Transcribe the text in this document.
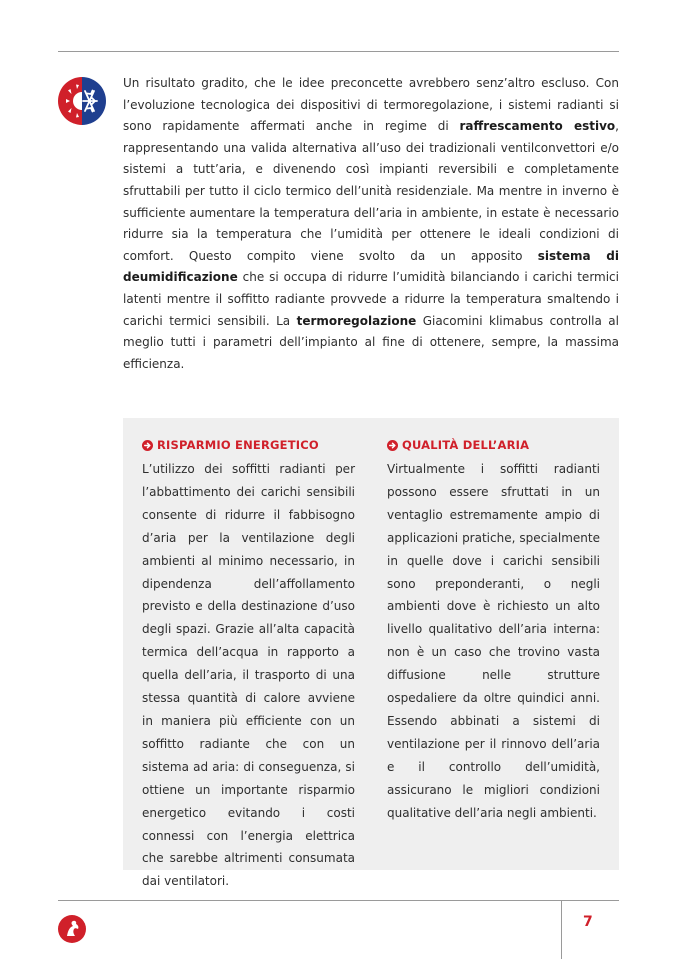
Un risultato gradito, che le idee preconcette avrebbero senz’altro escluso. Con l’evoluzione tecnologica dei dispositivi di termoregolazione, i sistemi radianti si sono rapidamente affermati anche in regime di raffrescamento estivo, rappresentando una valida alternativa all’uso dei tradizionali ventilconvettori e/o sistemi a tutt’aria, e divenendo così impianti reversibili e completamente sfruttabili per tutto il ciclo termico dell’unità residenziale. Ma mentre in inverno è sufficiente aumentare la temperatura dell’aria in ambiente, in estate è necessario ridurre sia la temperatura che l’umidità per ottenere le ideali condizioni di comfort. Questo compito viene svolto da un apposito sistema di deumidificazione che si occupa di ridurre l’umidità bilanciando i carichi termici latenti mentre il soffitto radiante provvede a ridurre la temperatura smaltendo i carichi termici sensibili. La termoregolazione Giacomini klimabus controlla al meglio tutti i parametri dell’impianto al fine di ottenere, sempre, la massima efficienza.

RISPARMIO ENERGETICO

L’utilizzo dei soffitti radianti per l’abbattimento dei carichi sensibili consente di ridurre il fabbisogno d’aria per la ventilazione degli ambienti al minimo necessario, in dipendenza dell’affollamento previsto e della destinazione d’uso degli spazi. Grazie all’alta capacità termica dell’acqua in rapporto a quella dell’aria, il trasporto di una stessa quantità di calore avviene in maniera più efficiente con un soffitto radiante che con un sistema ad aria: di conseguenza, si ottiene un importante risparmio energetico evitando i costi connessi con l’energia elettrica che sarebbe altrimenti consumata dai ventilatori.

QUALITÀ DELL’ARIA

Virtualmente i soffitti radianti possono essere sfruttati in un ventaglio estremamente ampio di applicazioni pratiche, specialmente in quelle dove i carichi sensibili sono preponderanti, o negli ambienti dove è richiesto un alto livello qualitativo dell’aria interna: non è un caso che trovino vasta diffusione nelle strutture ospedaliere da oltre quindici anni. Essendo abbinati a sistemi di ventilazione per il rinnovo dell’aria e il controllo dell’umidità, assicurano le migliori condizioni qualitative dell’aria negli ambienti.

7
